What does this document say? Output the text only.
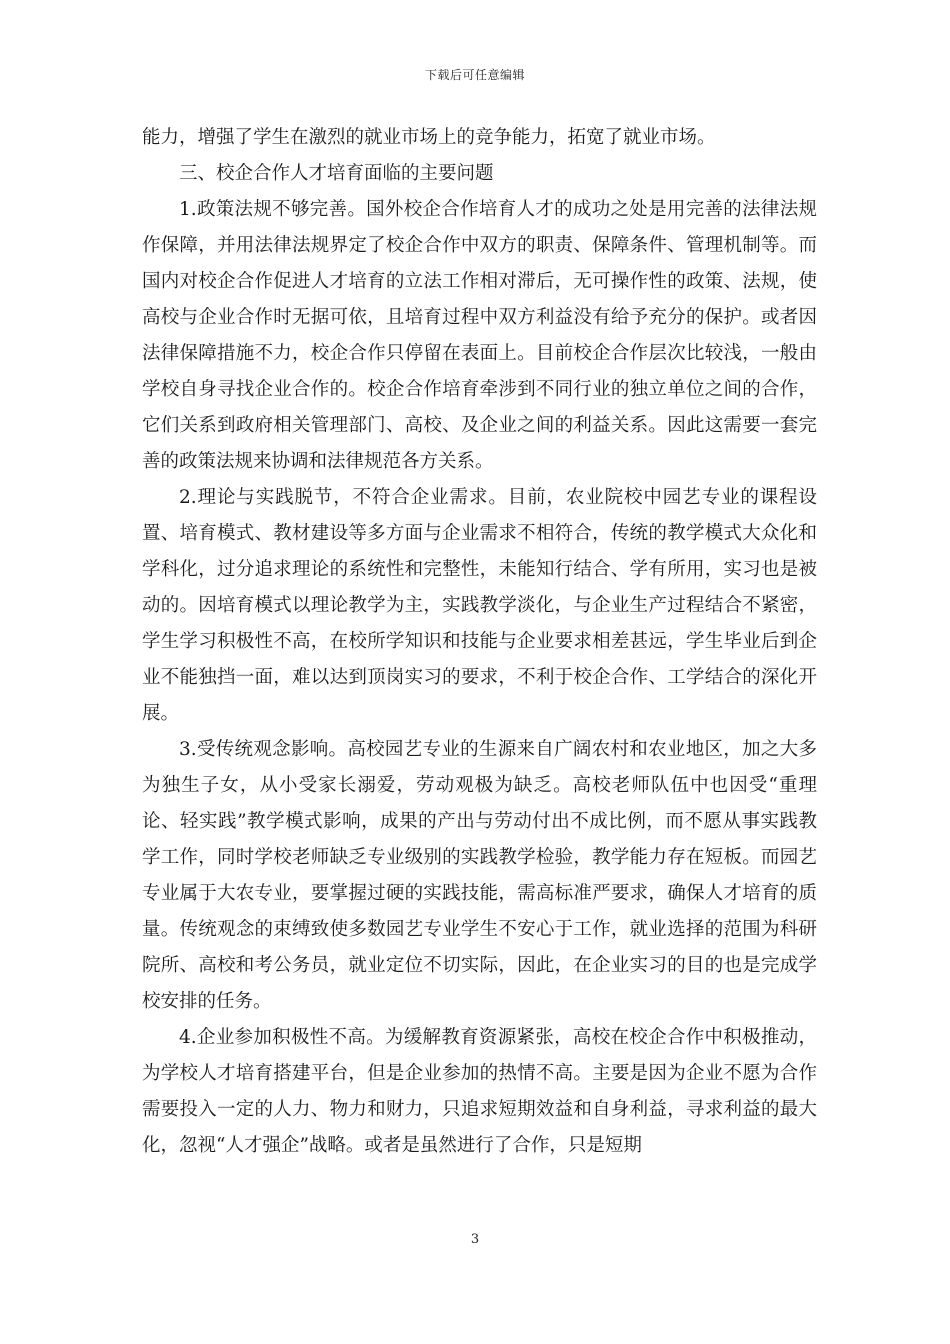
下载后可任意编辑

能力，增强了学生在激烈的就业市场上的竞争能力，拓宽了就业市场。

三、校企合作人才培育面临的主要问题

1.政策法规不够完善。国外校企合作培育人才的成功之处是用完善的法律法规作保障，并用法律法规界定了校企合作中双方的职责、保障条件、管理机制等。而国内对校企合作促进人才培育的立法工作相对滞后，无可操作性的政策、法规，使高校与企业合作时无据可依，且培育过程中双方利益没有给予充分的保护。或者因法律保障措施不力，校企合作只停留在表面上。目前校企合作层次比较浅，一般由学校自身寻找企业合作的。校企合作培育牵涉到不同行业的独立单位之间的合作，它们关系到政府相关管理部门、高校、及企业之间的利益关系。因此这需要一套完善的政策法规来协调和法律规范各方关系。

2.理论与实践脱节，不符合企业需求。目前，农业院校中园艺专业的课程设置、培育模式、教材建设等多方面与企业需求不相符合，传统的教学模式大众化和学科化，过分追求理论的系统性和完整性，未能知行结合、学有所用，实习也是被动的。因培育模式以理论教学为主，实践教学淡化，与企业生产过程结合不紧密，学生学习积极性不高，在校所学知识和技能与企业要求相差甚远，学生毕业后到企业不能独挡一面，难以达到顶岗实习的要求，不利于校企合作、工学结合的深化开展。

3.受传统观念影响。高校园艺专业的生源来自广阔农村和农业地区，加之大多为独生子女，从小受家长溺爱，劳动观极为缺乏。高校老师队伍中也因受“重理论、轻实践”教学模式影响，成果的产出与劳动付出不成比例，而不愿从事实践教学工作，同时学校老师缺乏专业级别的实践教学检验，教学能力存在短板。而园艺专业属于大农专业，要掌握过硬的实践技能，需高标准严要求，确保人才培育的质量。传统观念的束缚致使多数园艺专业学生不安心于工作，就业选择的范围为科研院所、高校和考公务员，就业定位不切实际，因此，在企业实习的目的也是完成学校安排的任务。

4.企业参加积极性不高。为缓解教育资源紧张，高校在校企合作中积极推动，为学校人才培育搭建平台，但是企业参加的热情不高。主要是因为企业不愿为合作需要投入一定的人力、物力和财力，只追求短期效益和自身利益，寻求利益的最大化，忽视“人才强企”战略。或者是虽然进行了合作，只是短期

3
